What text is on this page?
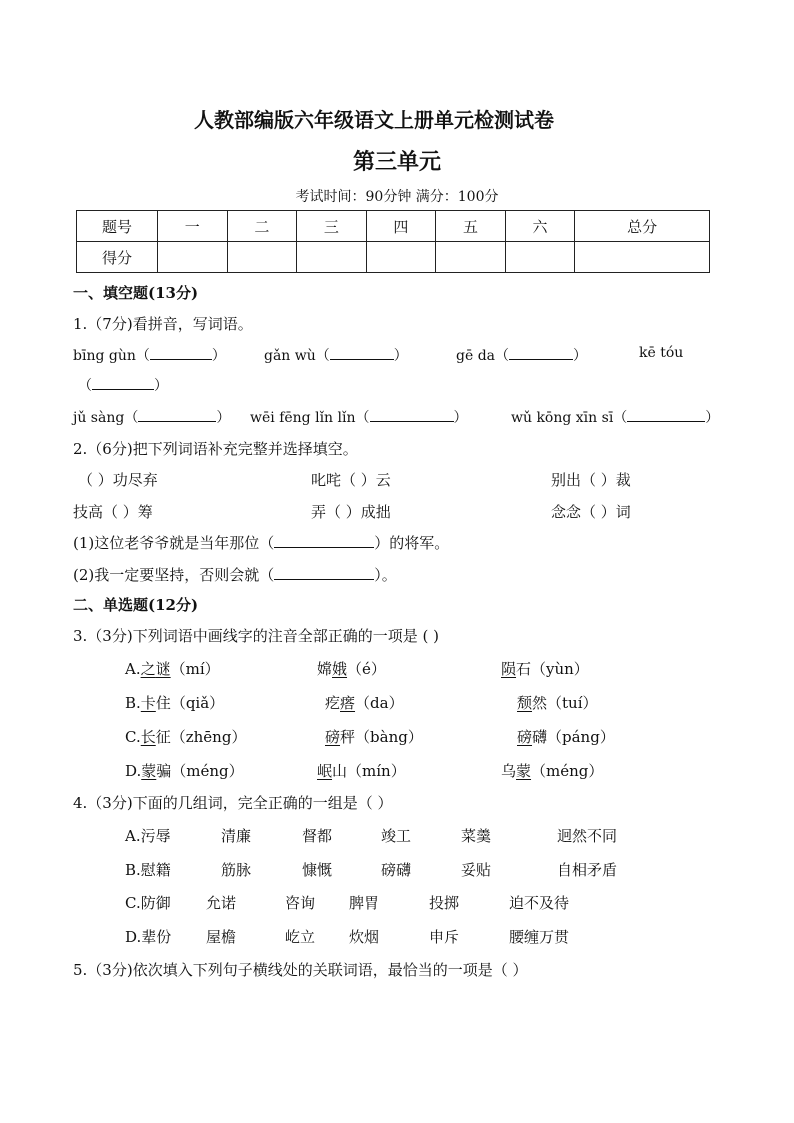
人教部编版六年级语文上册单元检测试卷
第三单元
考试时间：90分钟 满分：100分
题号	一	二	三	四	五	六	总分
得分							
一、填空题(13分)
1.（7分)看拼音，写词语。
bīng gùn（	）	gǎn wù（	）	gē da（	）	kē tóu
（	）
jǔ sàng（	） wēi fēng lǐn lǐn（	）	wǔ kōng xīn sī（	）
2.（6分)把下列词语补充完整并选择填空。
（ ）功尽弃	叱咤（ ）云	别出（ ）裁
技高（ ）筹	弄（ ）成拙	念念（ ）词
(1)这位老爷爷就是当年那位（	）的将军。
(2)我一定要坚持，否则会就（	）。
二、单选题(12分)
3.（3分)下列词语中画线字的注音全部正确的一项是 ( )
A.之谜（mí）	嫦娥（é）	陨石（yùn）
B.卡住（qiǎ）	疙瘩（da）	颓然（tuí）
C.长征（zhēng）	磅秤（bàng）	磅礴（páng）
D.蒙骗（méng）	岷山（mín）	乌蒙（méng）
4.（3分)下面的几组词，完全正确的一组是（ ）
A.污辱	清廉	督都	竣工	菜羹	迥然不同
B.慰籍	筋脉	慷慨	磅礴	妥贴	自相矛盾
C.防御 允诺	咨询 脾胃	投掷	迫不及待
D.辈份 屋檐	屹立 炊烟	申斥	腰缠万贯
5.（3分)依次填入下列句子横线处的关联词语，最恰当的一项是（ ）
